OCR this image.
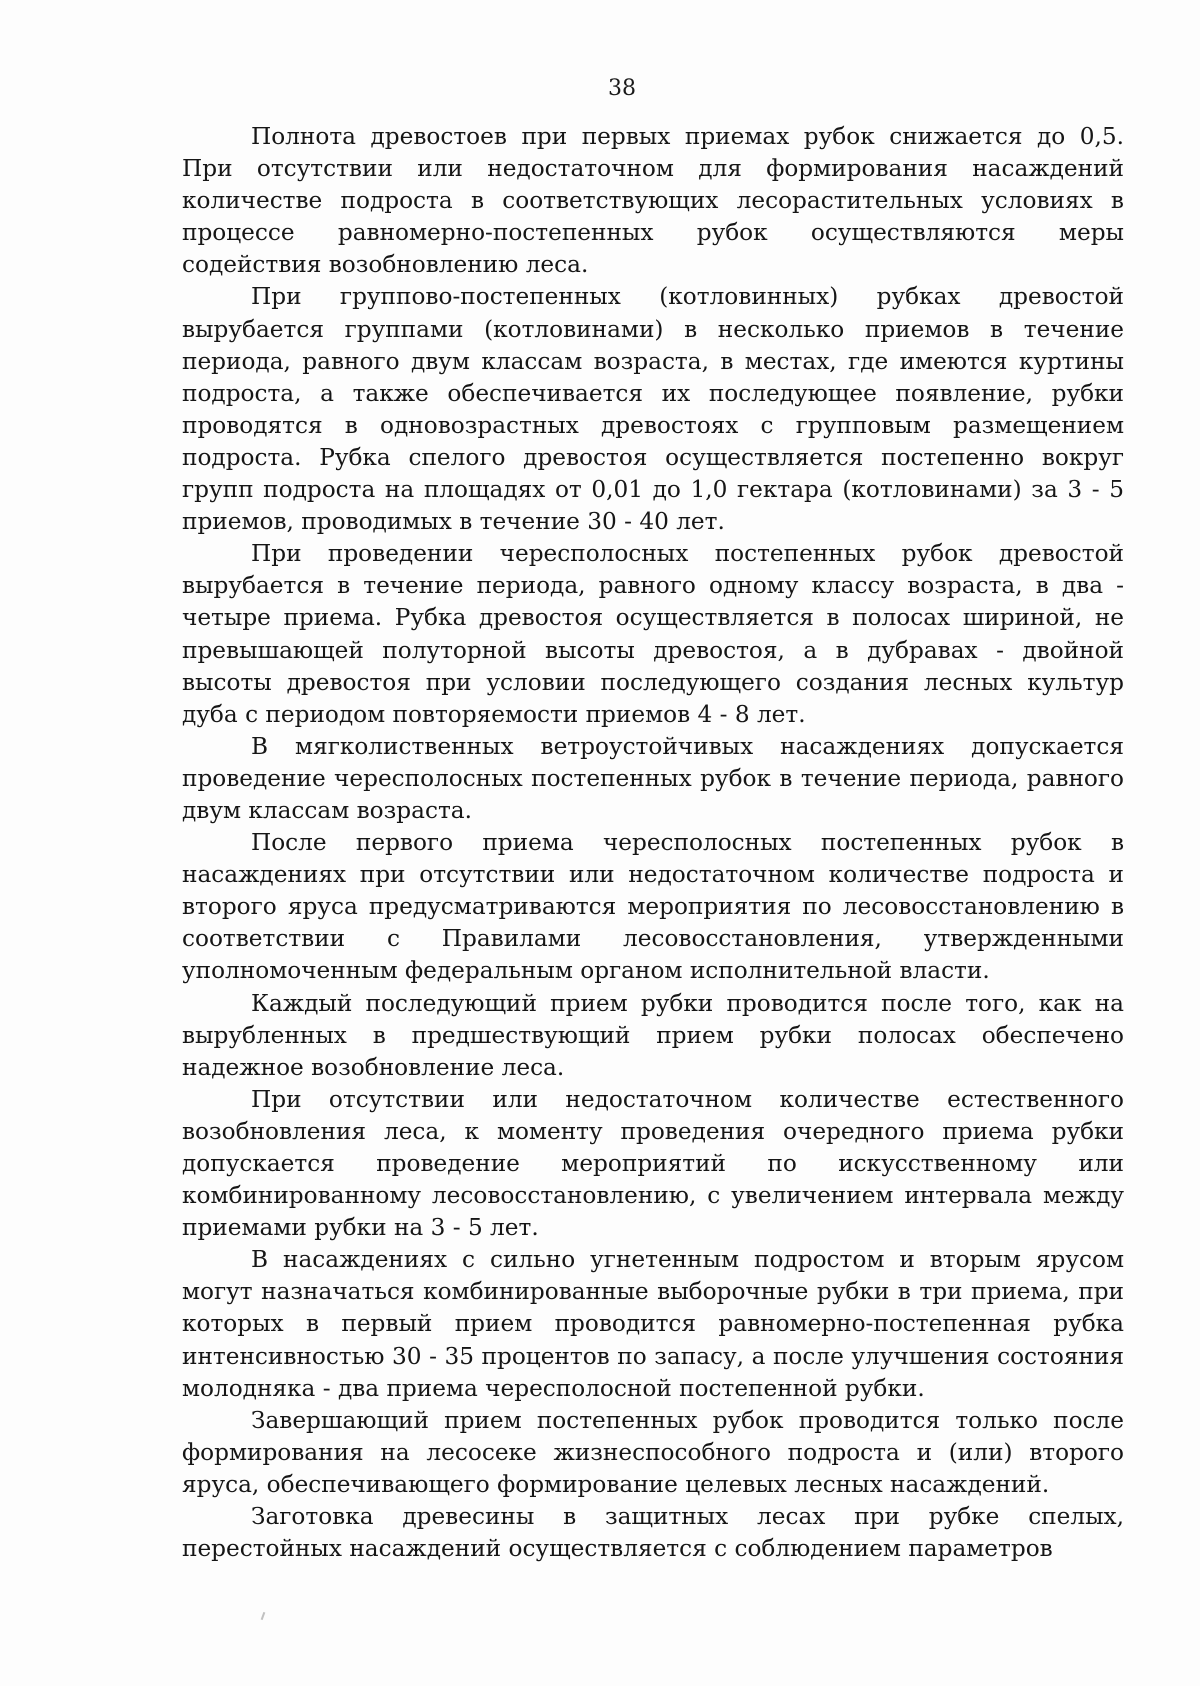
38

Полнота древостоев при первых приемах рубок снижается до 0,5. При отсутствии или недостаточном для формирования насаждений количестве подроста в соответствующих лесорастительных условиях в процессе равномерно-постепенных рубок осуществляются меры содействия возобновлению леса.

При группово-постепенных (котловинных) рубках древостой вырубается группами (котловинами) в несколько приемов в течение периода, равного двум классам возраста, в местах, где имеются куртины подроста, а также обеспечивается их последующее появление, рубки проводятся в одновозрастных древостоях с групповым размещением подроста. Рубка спелого древостоя осуществляется постепенно вокруг групп подроста на площадях от 0,01 до 1,0 гектара (котловинами) за 3 - 5 приемов, проводимых в течение 30 - 40 лет.

При проведении чересполосных постепенных рубок древостой вырубается в течение периода, равного одному классу возраста, в два - четыре приема. Рубка древостоя осуществляется в полосах шириной, не превышающей полуторной высоты древостоя, а в дубравах - двойной высоты древостоя при условии последующего создания лесных культур дуба с периодом повторяемости приемов 4 - 8 лет.

В мягколиственных ветроустойчивых насаждениях допускается проведение чересполосных постепенных рубок в течение периода, равного двум классам возраста.

После первого приема чересполосных постепенных рубок в насаждениях при отсутствии или недостаточном количестве подроста и второго яруса предусматриваются мероприятия по лесовосстановлению в соответствии с Правилами лесовосстановления, утвержденными уполномоченным федеральным органом исполнительной власти.

Каждый последующий прием рубки проводится после того, как на вырубленных в предшествующий прием рубки полосах обеспечено надежное возобновление леса.

При отсутствии или недостаточном количестве естественного возобновления леса, к моменту проведения очередного приема рубки допускается проведение мероприятий по искусственному или комбинированному лесовосстановлению, с увеличением интервала между приемами рубки на 3 - 5 лет.

В насаждениях с сильно угнетенным подростом и вторым ярусом могут назначаться комбинированные выборочные рубки в три приема, при которых в первый прием проводится равномерно-постепенная рубка интенсивностью 30 - 35 процентов по запасу, а после улучшения состояния молодняка - два приема чересполосной постепенной рубки.

Завершающий прием постепенных рубок проводится только после формирования на лесосеке жизнеспособного подроста и (или) второго яруса, обеспечивающего формирование целевых лесных насаждений.

Заготовка древесины в защитных лесах при рубке спелых, перестойных насаждений осуществляется с соблюдением параметров
